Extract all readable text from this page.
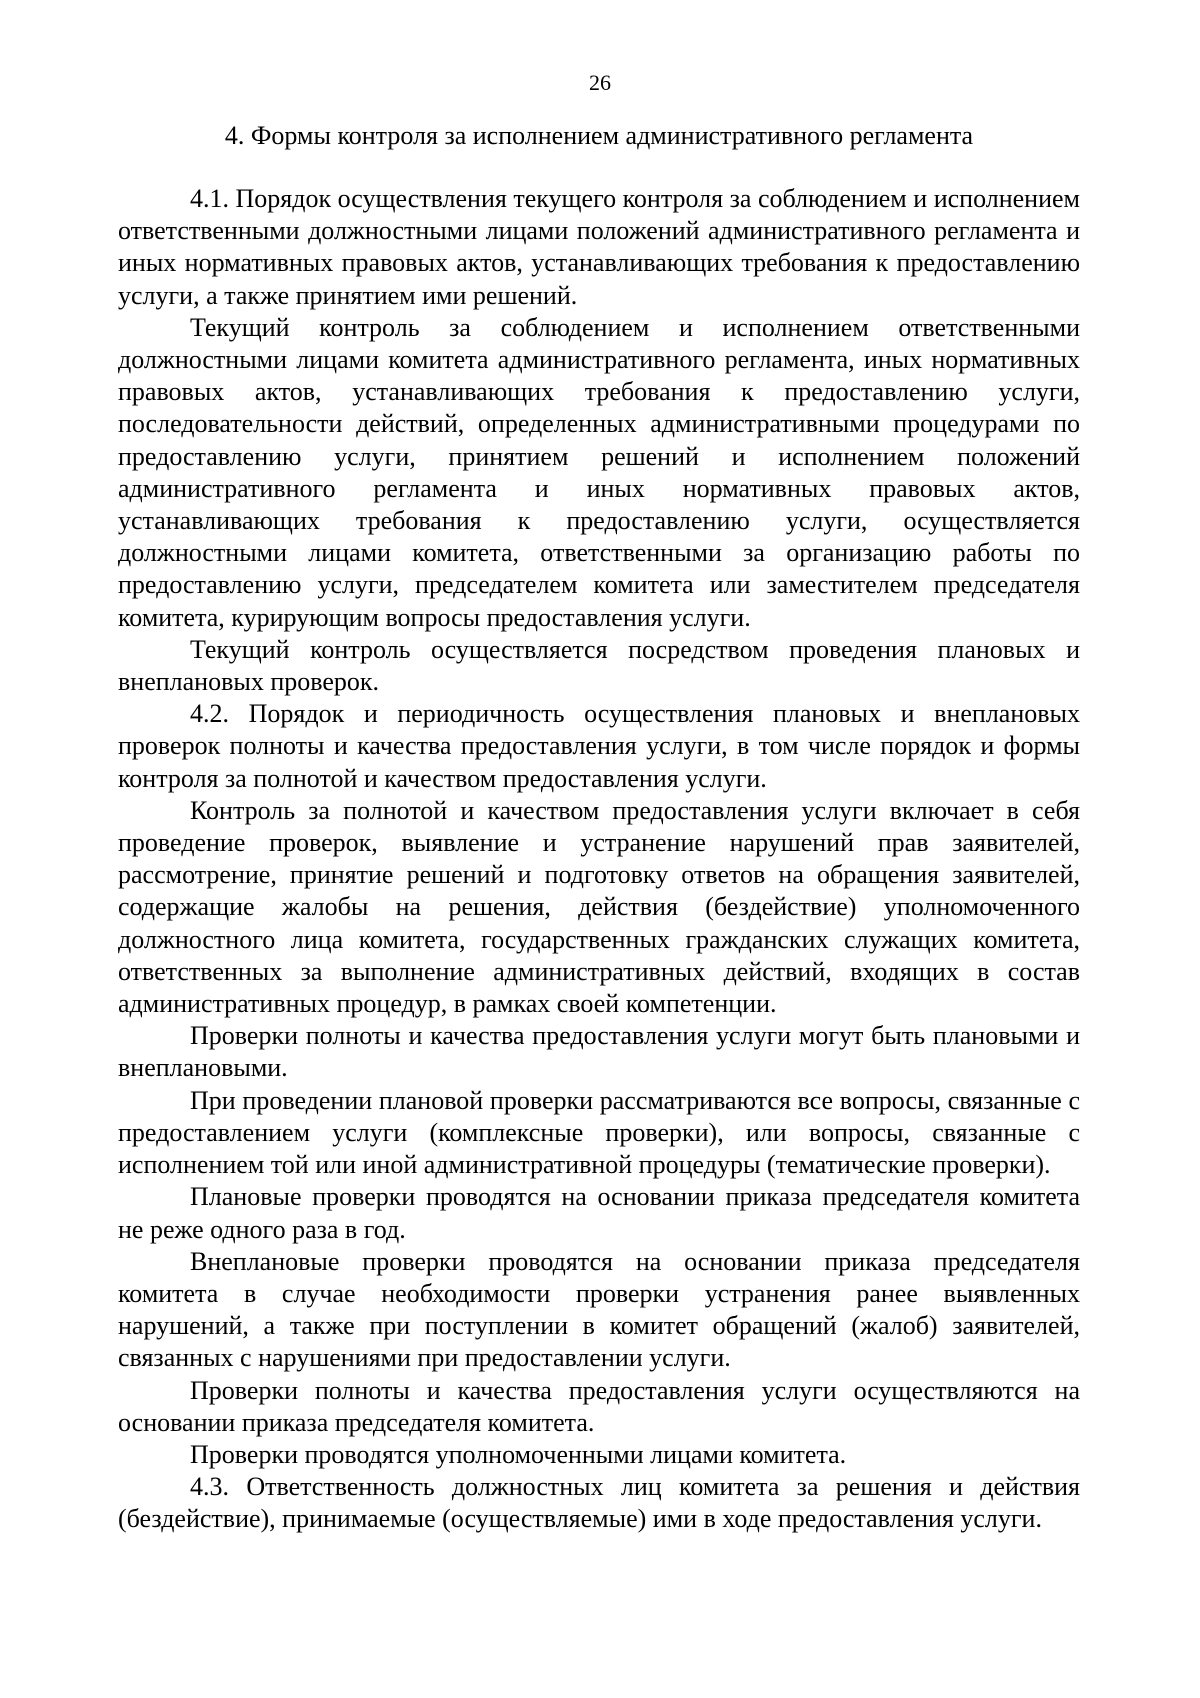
26
4. Формы контроля за исполнением административного регламента

4.1. Порядок осуществления текущего контроля за соблюдением и исполнением ответственными должностными лицами положений административного регламента и иных нормативных правовых актов, устанавливающих требования к предоставлению услуги, а также принятием ими решений.

Текущий контроль за соблюдением и исполнением ответственными должностными лицами комитета административного регламента, иных нормативных правовых актов, устанавливающих требования к предоставлению услуги, последовательности действий, определенных административными процедурами по предоставлению услуги, принятием решений и исполнением положений административного регламента и иных нормативных правовых актов, устанавливающих требования к предоставлению услуги, осуществляется должностными лицами комитета, ответственными за организацию работы по предоставлению услуги, председателем комитета или заместителем председателя комитета, курирующим вопросы предоставления услуги.

Текущий контроль осуществляется посредством проведения плановых и внеплановых проверок.

4.2. Порядок и периодичность осуществления плановых и внеплановых проверок полноты и качества предоставления услуги, в том числе порядок и формы контроля за полнотой и качеством предоставления услуги.

Контроль за полнотой и качеством предоставления услуги включает в себя проведение проверок, выявление и устранение нарушений прав заявителей, рассмотрение, принятие решений и подготовку ответов на обращения заявителей, содержащие жалобы на решения, действия (бездействие) уполномоченного должностного лица комитета, государственных гражданских служащих комитета, ответственных за выполнение административных действий, входящих в состав административных процедур, в рамках своей компетенции.

Проверки полноты и качества предоставления услуги могут быть плановыми и внеплановыми.

При проведении плановой проверки рассматриваются все вопросы, связанные с предоставлением услуги (комплексные проверки), или вопросы, связанные с исполнением той или иной административной процедуры (тематические проверки).

Плановые проверки проводятся на основании приказа председателя комитета не реже одного раза в год.

Внеплановые проверки проводятся на основании приказа председателя комитета в случае необходимости проверки устранения ранее выявленных нарушений, а также при поступлении в комитет обращений (жалоб) заявителей, связанных с нарушениями при предоставлении услуги.

Проверки полноты и качества предоставления услуги осуществляются на основании приказа председателя комитета.

Проверки проводятся уполномоченными лицами комитета.

4.3. Ответственность должностных лиц комитета за решения и действия (бездействие), принимаемые (осуществляемые) ими в ходе предоставления услуги.
